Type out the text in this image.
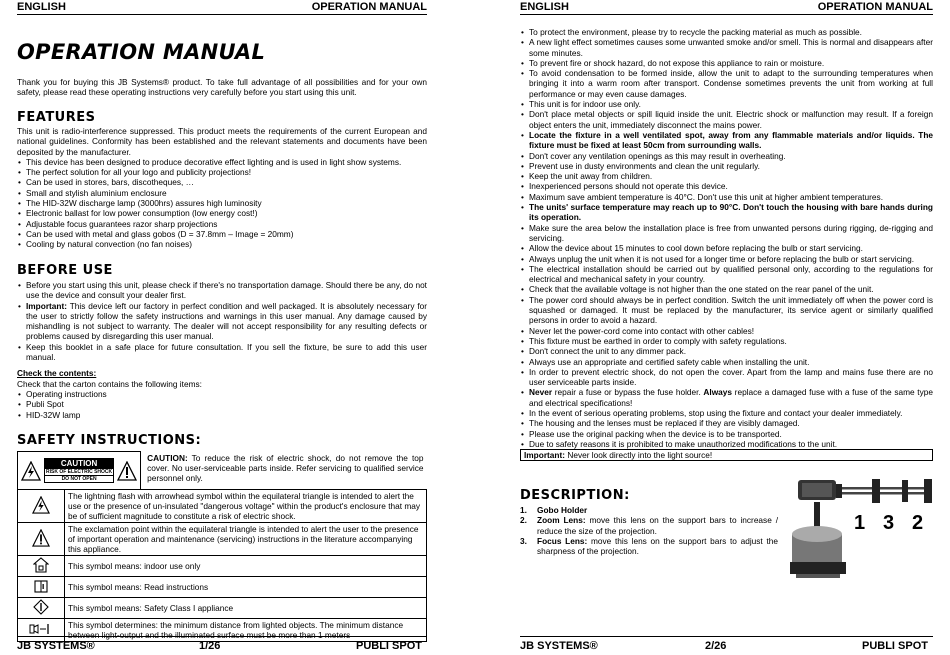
ENGLISH	OPERATION MANUAL
OPERATION MANUAL
Thank you for buying this JB Systems® product. To take full advantage of all possibilities and for your own safety, please read these operating instructions very carefully before you start using this unit.
FEATURES
This unit is radio-interference suppressed. This product meets the requirements of the current European and national guidelines. Conformity has been established and the relevant statements and documents have been deposited by the manufacturer.
• This device has been designed to produce decorative effect lighting and is used in light show systems.
• The perfect solution for all your logo and publicity projections!
• Can be used in stores, bars, discotheques, …
• Small and stylish aluminium enclosure
• The HID-32W discharge lamp (3000hrs) assures high luminosity
• Electronic ballast for low power consumption (low energy cost!)
• Adjustable focus guarantees razor sharp projections
• Can be used with metal and glass gobos (D = 37.8mm – Image = 20mm)
• Cooling by natural convection (no fan noises)
BEFORE USE
• Before you start using this unit, please check if there's no transportation damage. Should there be any, do not use the device and consult your dealer first.
• Important: This device left our factory in perfect condition and well packaged. It is absolutely necessary for the user to strictly follow the safety instructions and warnings in this user manual. Any damage caused by mishandling is not subject to warranty. The dealer will not accept responsibility for any resulting defects or problems caused by disregarding this user manual.
• Keep this booklet in a safe place for future consultation. If you sell the fixture, be sure to add this user manual.
Check the contents:
Check that the carton contains the following items:
• Operating instructions
• Publi Spot
• HID-32W lamp
SAFETY INSTRUCTIONS:
CAUTION
RISK OF ELECTRIC SHOCK
DO NOT OPEN		CAUTION: To reduce the risk of electric shock, do not remove the top cover. No user-serviceable parts inside. Refer servicing to qualified service personnel only.
	The lightning flash with arrowhead symbol within the equilateral triangle is intended to alert the use or the presence of un-insulated "dangerous voltage" within the product's enclosure that may be of sufficient magnitude to constitute a risk of electric shock.	
	The exclamation point within the equilateral triangle is intended to alert the user to the presence of important operation and maintenance (servicing) instructions in the literature accompanying this appliance.	
	This symbol means: indoor use only	
	This symbol means: Read instructions	
	This symbol means: Safety Class I appliance	
	This symbol determines: the minimum distance from lighted objects. The minimum distance between light-output and the illuminated surface must be more than 1 meters	
JB SYSTEMS®	1/26	PUBLI SPOT
ENGLISH	OPERATION MANUAL
• To protect the environment, please try to recycle the packing material as much as possible.
• A new light effect sometimes causes some unwanted smoke and/or smell. This is normal and disappears after some minutes.
• To prevent fire or shock hazard, do not expose this appliance to rain or moisture.
• To avoid condensation to be formed inside, allow the unit to adapt to the surrounding temperatures when bringing it into a warm room after transport. Condense sometimes prevents the unit from working at full performance or may even cause damages.
• This unit is for indoor use only.
• Don't place metal objects or spill liquid inside the unit. Electric shock or malfunction may result. If a foreign object enters the unit, immediately disconnect the mains power.
• Locate the fixture in a well ventilated spot, away from any flammable materials and/or liquids. The fixture must be fixed at least 50cm from surrounding walls.
• Don't cover any ventilation openings as this may result in overheating.
• Prevent use in dusty environments and clean the unit regularly.
• Keep the unit away from children.
• Inexperienced persons should not operate this device.
• Maximum save ambient temperature is 40°C. Don't use this unit at higher ambient temperatures.
• The units' surface temperature may reach up to 90°C. Don't touch the housing with bare hands during its operation.
• Make sure the area below the installation place is free from unwanted persons during rigging, de-rigging and servicing.
• Allow the device about 15 minutes to cool down before replacing the bulb or start servicing.
• Always unplug the unit when it is not used for a longer time or before replacing the bulb or start servicing.
• The electrical installation should be carried out by qualified personal only, according to the regulations for electrical and mechanical safety in your country.
• Check that the available voltage is not higher than the one stated on the rear panel of the unit.
• The power cord should always be in perfect condition. Switch the unit immediately off when the power cord is squashed or damaged. It must be replaced by the manufacturer, its service agent or similarly qualified persons in order to avoid a hazard.
• Never let the power-cord come into contact with other cables!
• This fixture must be earthed in order to comply with safety regulations.
• Don't connect the unit to any dimmer pack.
• Always use an appropriate and certified safety cable when installing the unit.
• In order to prevent electric shock, do not open the cover. Apart from the lamp and mains fuse there are no user serviceable parts inside.
• Never repair a fuse or bypass the fuse holder. Always replace a damaged fuse with a fuse of the same type and electrical specifications!
• In the event of serious operating problems, stop using the fixture and contact your dealer immediately.
• The housing and the lenses must be replaced if they are visibly damaged.
• Please use the original packing when the device is to be transported.
• Due to safety reasons it is prohibited to make unauthorized modifications to the unit.
Important: Never look directly into the light source!
DESCRIPTION:
1. Gobo Holder
2. Zoom Lens: move this lens on the support bars to increase / reduce the size of the projection.
3. Focus Lens: move this lens on the support bars to adjust the sharpness of the projection.
1 3 2
JB SYSTEMS®	2/26	PUBLI SPOT
